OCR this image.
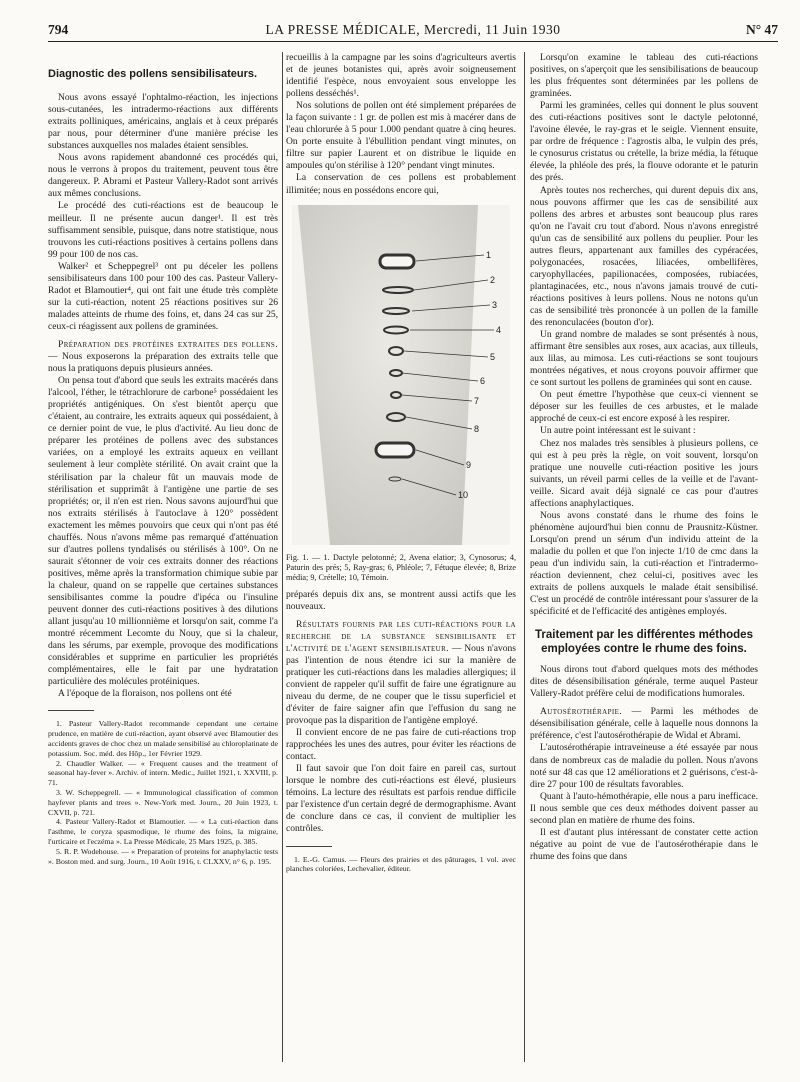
794	LA PRESSE MÉDICALE, Mercredi, 11 Juin 1930	N° 47
Diagnostic des pollens sensibilisateurs.

Nous avons essayé l'ophtalmo-réaction, les injections sous-cutanées, les intradermo-réactions aux différents extraits polliniques, américains, anglais et à ceux préparés par nous, pour déterminer d'une manière précise les substances auxquelles nos malades étaient sensibles.

Nous avons rapidement abandonné ces procédés qui, nous le verrons à propos du traitement, peuvent tous être dangereux. P. Abrami et Pasteur Vallery-Radot sont arrivés aux mêmes conclusions.

Le procédé des cuti-réactions est de beaucoup le meilleur. Il ne présente aucun danger¹. Il est très suffisamment sensible, puisque, dans notre statistique, nous trouvons les cuti-réactions positives à certains pollens dans 99 pour 100 de nos cas.

Walker² et Scheppegrel³ ont pu déceler les pollens sensibilisateurs dans 100 pour 100 des cas. Pasteur Vallery-Radot et Blamoutier⁴, qui ont fait une étude très complète sur la cuti-réaction, notent 25 réactions positives sur 26 malades atteints de rhume des foins, et, dans 24 cas sur 25, ceux-ci réagissent aux pollens de graminées.

Préparation des protéines extraites des pollens. — Nous exposerons la préparation des extraits telle que nous la pratiquons depuis plusieurs années.

On pensa tout d'abord que seuls les extraits macérés dans l'alcool, l'éther, le tétrachlorure de carbone⁵ possédaient les propriétés antigéniques. On s'est bientôt aperçu que c'étaient, au contraire, les extraits aqueux qui possédaient, à ce dernier point de vue, le plus d'activité. Au lieu donc de préparer les protéines de pollens avec des substances variées, on a employé les extraits aqueux en veillant seulement à leur complète stérilité. On avait craint que la stérilisation par la chaleur fût un mauvais mode de stérilisation et supprimât à l'antigène une partie de ses propriétés; or, il n'en est rien. Nous savons aujourd'hui que nos extraits stérilisés à l'autoclave à 120° possèdent exactement les mêmes pouvoirs que ceux qui n'ont pas été chauffés. Nous n'avons même pas remarqué d'atténuation sur d'autres pollens tyndalisés ou stérilisés à 100°. On ne saurait s'étonner de voir ces extraits donner des réactions positives, même après la transformation chimique subie par la chaleur, quand on se rappelle que certaines substances sensibilisantes comme la poudre d'ipéca ou l'insuline peuvent donner des cuti-réactions positives à des dilutions allant jusqu'au 10 millionnième et lorsqu'on sait, comme l'a montré récemment Lecomte du Nouy, que si la chaleur, dans les sérums, par exemple, provoque des modifications considérables et supprime en particulier les propriétés complémentaires, elle le fait par une hydratation particulière des molécules protéiniques.

A l'époque de la floraison, nos pollens ont été

1. Pasteur Vallery-Radot recommande cependant une certaine prudence, en matière de cuti-réaction, ayant observé avec Blamoutier des accidents graves de choc chez un malade sensibilisé au chloroplatinate de potassium. Soc. méd. des Hôp., 1er Février 1929.

2. Chaudler Walker. — « Frequent causes and the treatment of seasonal hay-fever ». Archiv. of intern. Medic., Juillet 1921, t. XXVIII, p. 71.

3. W. Scheppegrell. — « Immunological classification of common hayfever plants and trees ». New-York med. Journ., 20 Juin 1923, t. CXVII, p. 721.

4. Pasteur Vallery-Radot et Blamoutier. — « La cuti-réaction dans l'asthme, le coryza spasmodique, le rhume des foins, la migraine, l'urticaire et l'eczéma ». La Presse Médicale, 25 Mars 1925, p. 385.

5. R. P. Wodehouse. — « Preparation of proteins for anaphylactic tests ». Boston med. and surg. Journ., 10 Août 1916, t. CLXXV, n° 6, p. 195.

recueillis à la campagne par les soins d'agriculteurs avertis et de jeunes botanistes qui, après avoir soigneusement identifié l'espèce, nous envoyaient sous enveloppe les pollens desséchés¹.

Nos solutions de pollen ont été simplement préparées de la façon suivante : 1 gr. de pollen est mis à macérer dans de l'eau chlorurée à 5 pour 1.000 pendant quatre à cinq heures. On porte ensuite à l'ébullition pendant vingt minutes, on filtre sur papier Laurent et on distribue le liquide en ampoules qu'on stérilise à 120° pendant vingt minutes.

La conservation de ces pollens est probablement illimitée; nous en possédons encore qui,

1
2
3
4
5
6
7
8
9
10

Fig. 1. — 1. Dactyle pelotonné; 2, Avena elatior; 3, Cynosorus; 4, Paturin des prés; 5, Ray-gras; 6, Phléole; 7, Fétuque élevée; 8, Brize média; 9, Crételle; 10, Témoin.

préparés depuis dix ans, se montrent aussi actifs que les nouveaux.

Résultats fournis par les cuti-réactions pour la recherche de la substance sensibilisante et l'activité de l'agent sensibilisateur. — Nous n'avons pas l'intention de nous étendre ici sur la manière de pratiquer les cuti-réactions dans les maladies allergiques; il convient de rappeler qu'il suffit de faire une égratignure au niveau du derme, de ne couper que le tissu superficiel et d'éviter de faire saigner afin que l'effusion du sang ne provoque pas la disparition de l'antigène employé.

Il convient encore de ne pas faire de cuti-réactions trop rapprochées les unes des autres, pour éviter les réactions de contact.

Il faut savoir que l'on doit faire en pareil cas, surtout lorsque le nombre des cuti-réactions est élevé, plusieurs témoins. La lecture des résultats est parfois rendue difficile par l'existence d'un certain degré de dermographisme. Avant de conclure dans ce cas, il convient de multiplier les contrôles.

1. E.-G. Camus. — Fleurs des prairies et des pâturages, 1 vol. avec planches coloriées, Lechevalier, éditeur.

Lorsqu'on examine le tableau des cuti-réactions positives, on s'aperçoit que les sensibilisations de beaucoup les plus fréquentes sont déterminées par les pollens de graminées.

Parmi les graminées, celles qui donnent le plus souvent des cuti-réactions positives sont le dactyle pelotonné, l'avoine élevée, le ray-gras et le seigle. Viennent ensuite, par ordre de fréquence : l'agrostis alba, le vulpin des prés, le cynosurus cristatus ou crételle, la brize média, la fétuque élevée, la phléole des prés, la flouve odorante et le paturin des prés.

Après toutes nos recherches, qui durent depuis dix ans, nous pouvons affirmer que les cas de sensibilité aux pollens des arbres et arbustes sont beaucoup plus rares qu'on ne l'avait cru tout d'abord. Nous n'avons enregistré qu'un cas de sensibilité aux pollens du peuplier. Pour les autres fleurs, appartenant aux familles des cypéracées, polygonacées, rosacées, liliacées, ombellifères, caryophyllacées, papilionacées, composées, rubiacées, plantaginacées, etc., nous n'avons jamais trouvé de cuti-réactions positives à leurs pollens. Nous ne notons qu'un cas de sensibilité très prononcée à un pollen de la famille des renonculacées (bouton d'or).

Un grand nombre de malades se sont présentés à nous, affirmant être sensibles aux roses, aux acacias, aux tilleuls, aux lilas, au mimosa. Les cuti-réactions se sont toujours montrées négatives, et nous croyons pouvoir affirmer que ce sont surtout les pollens de graminées qui sont en cause.

On peut émettre l'hypothèse que ceux-ci viennent se déposer sur les feuilles de ces arbustes, et le malade approché de ceux-ci est encore exposé à les respirer.

Un autre point intéressant est le suivant :

Chez nos malades très sensibles à plusieurs pollens, ce qui est à peu près la règle, on voit souvent, lorsqu'on pratique une nouvelle cuti-réaction positive les jours suivants, un réveil parmi celles de la veille et de l'avant-veille. Sicard avait déjà signalé ce cas pour d'autres affections anaphylactiques.

Nous avons constaté dans le rhume des foins le phénomène aujourd'hui bien connu de Prausnitz-Küstner. Lorsqu'on prend un sérum d'un individu atteint de la maladie du pollen et que l'on injecte 1/10 de cmc dans la peau d'un individu sain, la cuti-réaction et l'intradermo-réaction deviennent, chez celui-ci, positives avec les extraits de pollens auxquels le malade était sensibilisé. C'est un procédé de contrôle intéressant pour s'assurer de la spécificité et de l'efficacité des antigènes employés.

Traitement par les différentes méthodes employées contre le rhume des foins.

Nous dirons tout d'abord quelques mots des méthodes dites de désensibilisation générale, terme auquel Pasteur Vallery-Radot préfère celui de modifications humorales.

Autosérothérapie. — Parmi les méthodes de désensibilisation générale, celle à laquelle nous donnons la préférence, c'est l'autosérothérapie de Widal et Abrami.

L'autosérothérapie intraveineuse a été essayée par nous dans de nombreux cas de maladie du pollen. Nous n'avons noté sur 48 cas que 12 améliorations et 2 guérisons, c'est-à-dire 27 pour 100 de résultats favorables.

Quant à l'auto-hémothérapie, elle nous a paru inefficace. Il nous semble que ces deux méthodes doivent passer au second plan en matière de rhume des foins.

Il est d'autant plus intéressant de constater cette action négative au point de vue de l'autosérothérapie dans le rhume des foins que dans
